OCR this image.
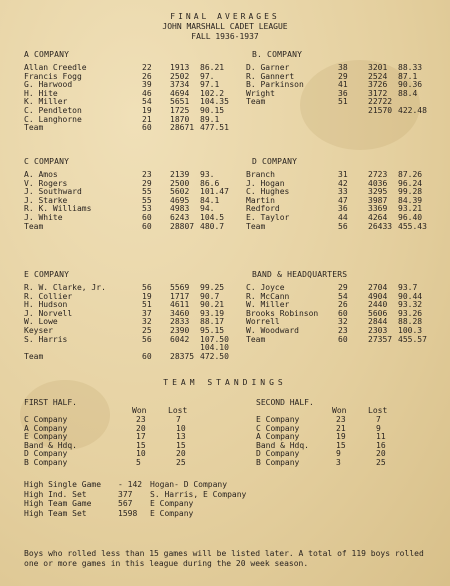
FINAL AVERAGES
JOHN MARSHALL CADET LEAGUE
FALL 1936-1937
A COMPANY
Allan Creedle	22 1913 86.21
Francis Fogg	26 2502 97.
G. Harwood	39 3734 97.1
H. Hite	46 4694 102.2
K. Miller	54 5651 104.35
C. Pendleton	19 1725 90.15
C. Langhorne	21 1870 89.1
Team	60 28671 477.51
B. COMPANY
D. Garner	38	3201 88.33
R. Gannert	29	2524 87.1
B. Parkinson	41	3726 90.36
Wright	36	3172 88.4
Team	51	22722
21570 422.48
C COMPANY
A. Amos	23 2139 93.
V. Rogers	29 2500 86.6
J. Southward	55 5602 101.47
J. Starke	55 4695 84.1
R. K. Williams	53 4983 94.
J. White	60 6243 104.5
Team	60 28807 480.7
D COMPANY
Branch	31	2723 87.26
J. Hogan	42	4036 96.24
C. Hughes	33	3295 99.28
Martin	47	3987 84.39
Redford	36	3369 93.21
E. Taylor	44	4264 96.40
Team	56	26433 455.43
E COMPANY
R. W. Clarke, Jr.	56 5569 99.25
R. Collier	19 1717 90.7
H. Hudson	51 4611 90.21
J. Norvell	37 3460 93.19
W. Lowe	32 2833 88.17
Keyser	25 2390 95.15
S. Harris	56 6042 107.50
104.10
Team	60 28375 472.50
BAND & HEADQUARTERS
C. Joyce	29	2704 93.7
R. McCann	54	4904 90.44
W. Miller	26	2440 93.32
Brooks Robinson 60	5606 93.26
Worrell	32	2844 88.28
W. Woodward	23	2303 100.3
Team	60	27357 455.57
TEAM STANDINGS
FIRST HALF.
Won	Lost
C Company	23	7
A Company	20	10
E Company	17	13
Band & Hdq.	15	15
D Company	10	20
B Company	5	25
SECOND HALF.
Won	Lost
E Company	23	7
C Company	21	9
A Company	19	11
Band & Hdq.	15	16
D Company	9	20
B Company	3	25
High Single Game - 142 Hogan- D Company
High Ind. Set	377 S. Harris, E Company
High Team Game	567 E Company
High Team Set	1598 E Company
Boys who rolled less than 15 games will be listed later. A total of 119 boys rolled one or more games in this league during the 20 week season.
